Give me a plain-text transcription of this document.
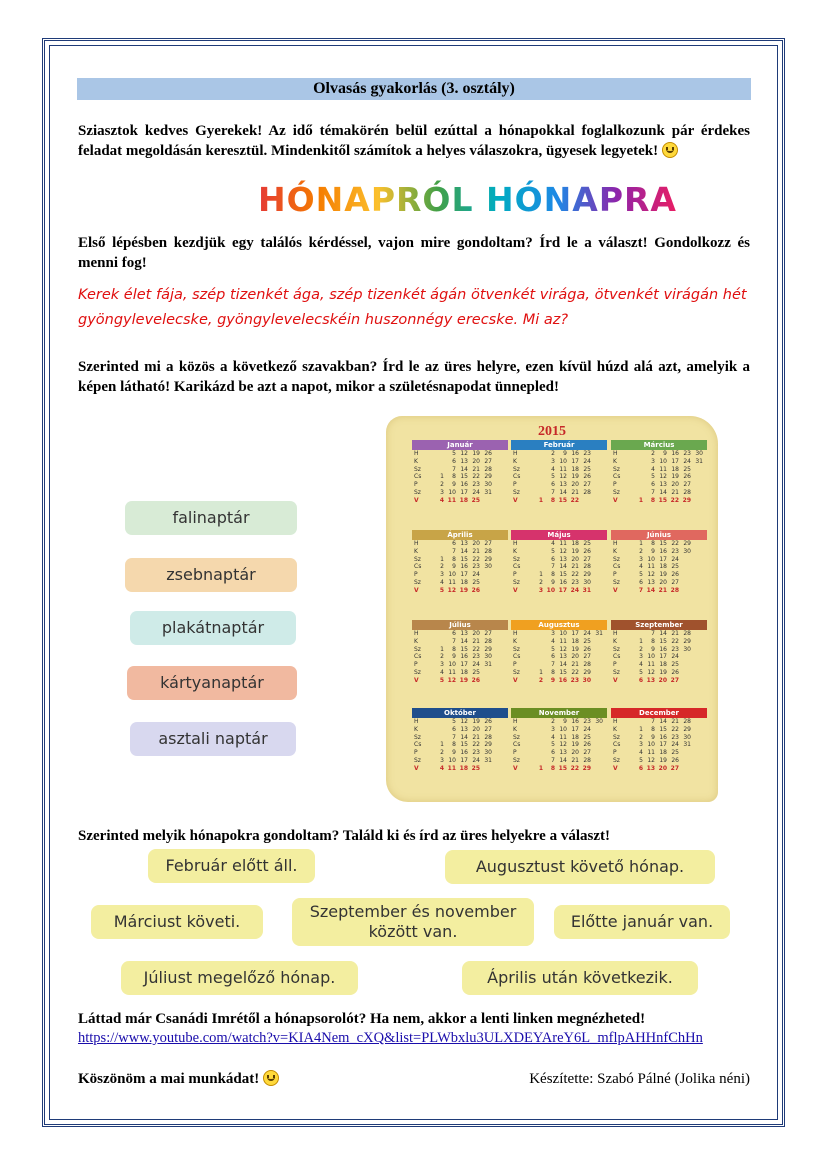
Olvasás gyakorlás (3. osztály)
Sziasztok kedves Gyerekek! Az idő témakörén belül ezúttal a hónapokkal foglalkozunk pár érdekes feladat megoldásán keresztül. Mindenkitől számítok a helyes válaszokra, ügyesek legyetek!
HÓNAPRÓL HÓNAPRA
Első lépésben kezdjük egy találós kérdéssel, vajon mire gondoltam? Írd le a választ! Gondolkozz és menni fog!
Kerek élet fája, szép tizenkét ága, szép tizenkét ágán ötvenkét virága, ötvenkét virágán hét gyöngylevelecske, gyöngylevelecskéin huszonnégy erecske. Mi az?
Szerinted mi a közös a következő szavakban? Írd le az üres helyre, ezen kívül húzd alá azt, amelyik a képen látható! Karikázd be azt a napot, mikor a születésnapodat ünnepled!
falinaptár
zsebnaptár
plakátnaptár
kártyanaptár
asztali naptár
2015
Január
H	5 12 19 26
K	6 13 20 27
Sz	7 14 21 28
Cs	1	8 15 22 29
P	2	9 16 23 30
Sz	3 10 17 24 31
V	4 11 18 25
Február
H	2	9 16 23
K	3 10 17 24
Sz	4 11 18 25
Cs	5 12 19 26
P	6 13 20 27
Sz	7 14 21 28
V	1	8 15 22
Március
H	2	9 16 23 30
K	3 10 17 24 31
Sz	4 11 18 25
Cs	5 12 19 26
P	6 13 20 27
Sz	7 14 21 28
V	1	8 15 22 29
Április
H	6 13 20 27
K	7 14 21 28
Sz	1	8 15 22 29
Cs	2	9 16 23 30
P	3 10 17 24
Sz	4 11 18 25
V	5 12 19 26
Május
H	4 11 18 25
K	5 12 19 26
Sz	6 13 20 27
Cs	7 14 21 28
P	1	8 15 22 29
Sz	2	9 16 23 30
V	3 10 17 24 31
Június
H	1	8 15 22 29
K	2	9 16 23 30
Sz	3 10 17 24
Cs	4 11 18 25
P	5 12 19 26
Sz	6 13 20 27
V	7 14 21 28
Július
H	6 13 20 27
K	7 14 21 28
Sz	1	8 15 22 29
Cs	2	9 16 23 30
P	3 10 17 24 31
Sz	4 11 18 25
V	5 12 19 26
Augusztus
H	3 10 17 24 31
K	4 11 18 25
Sz	5 12 19 26
Cs	6 13 20 27
P	7 14 21 28
Sz	1	8 15 22 29
V	2	9 16 23 30
Szeptember
H	7 14 21 28
K	1	8 15 22 29
Sz	2	9 16 23 30
Cs	3 10 17 24
P	4 11 18 25
Sz	5 12 19 26
V	6 13 20 27
Október
H	5 12 19 26
K	6 13 20 27
Sz	7 14 21 28
Cs	1	8 15 22 29
P	2	9 16 23 30
Sz	3 10 17 24 31
V	4 11 18 25
November
H	2	9 16 23 30
K	3 10 17 24
Sz	4 11 18 25
Cs	5 12 19 26
P	6 13 20 27
Sz	7 14 21 28
V	1	8 15 22 29
December
H	7 14 21 28
K	1	8 15 22 29
Sz	2	9 16 23 30
Cs	3 10 17 24 31
P	4 11 18 25
Sz	5 12 19 26
V	6 13 20 27
Szerinted melyik hónapokra gondoltam? Találd ki és írd az üres helyekre a választ!
Február előtt áll.	Augusztust követő hónap.
Márciust követi.
Szeptember és november között van.
Előtte január van.
Júliust megelőző hónap.	Április után következik.
Láttad már Csanádi Imrétől a hónapsorolót? Ha nem, akkor a lenti linken megnézheted!
https://www.youtube.com/watch?v=KIA4Nem_cXQ&list=PLWbxlu3ULXDEYAreY6L_mflpAHHnfChHn
Köszönöm a mai munkádat!	Készítette: Szabó Pálné (Jolika néni)
